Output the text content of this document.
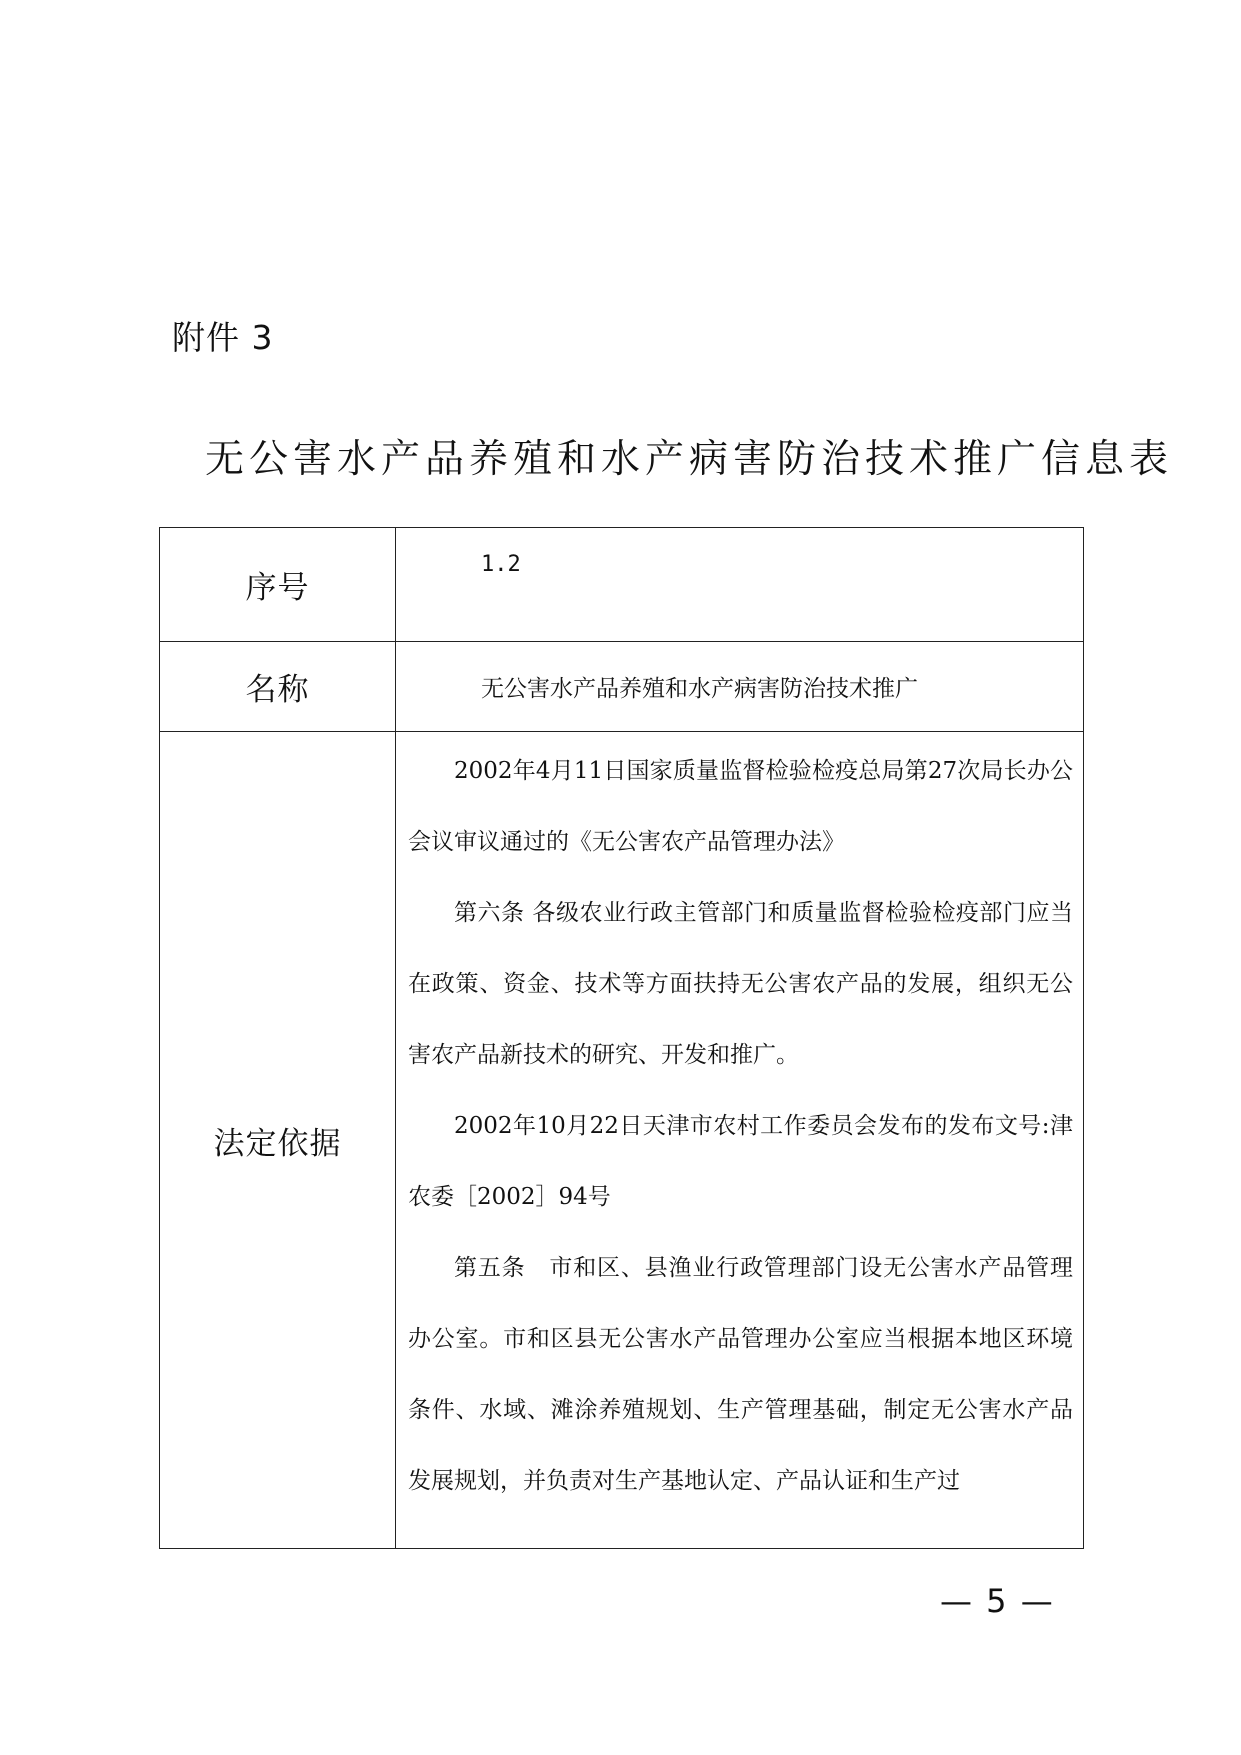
附件 3
无公害水产品养殖和水产病害防治技术推广信息表
序号	1.2
名称	无公害水产品养殖和水产病害防治技术推广
法定依据	2002年4月11日国家质量监督检验检疫总局第27次局长办公会议审议通过的《无公害农产品管理办法》

第六条 各级农业行政主管部门和质量监督检验检疫部门应当在政策、资金、技术等方面扶持无公害农产品的发展，组织无公害农产品新技术的研究、开发和推广。

2002年10月22日天津市农村工作委员会发布的发布文号:津农委［2002］94号

第五条　市和区、县渔业行政管理部门设无公害水产品管理办公室。市和区县无公害水产品管理办公室应当根据本地区环境条件、水域、滩涂养殖规划、生产管理基础，制定无公害水产品发展规划，并负责对生产基地认定、产品认证和生产过

— 5 —
